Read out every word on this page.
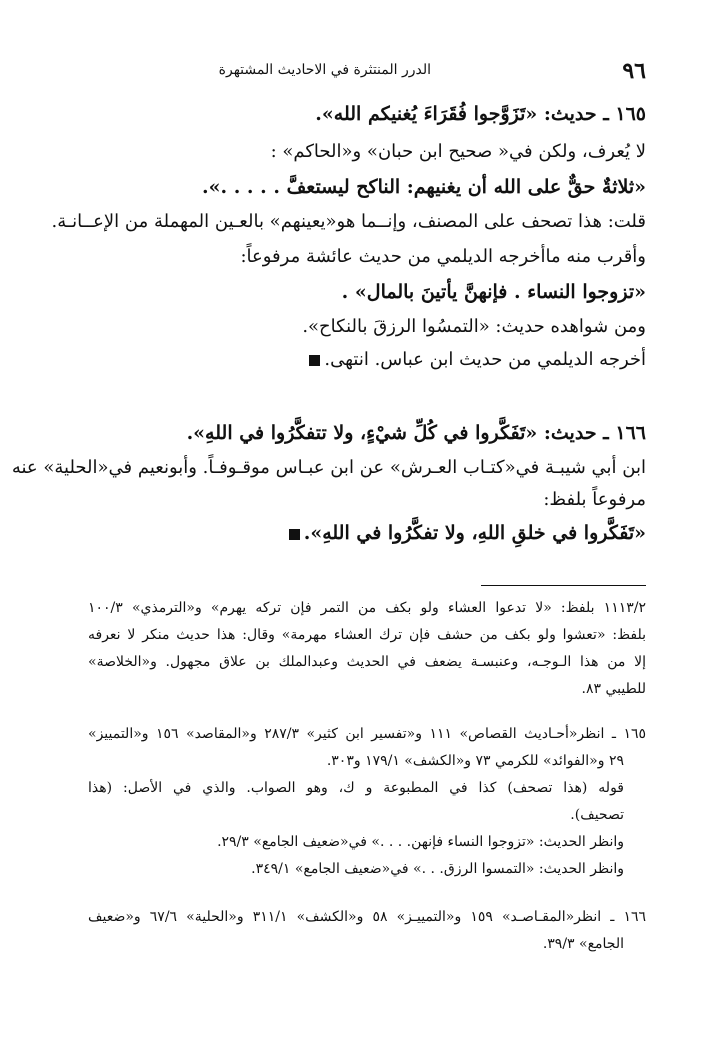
٩٦
الدرر المنتثرة في الاحاديث المشتهرة
١٦٥ ـ حديث: «تَزَوَّجوا فُقَرَاءَ يُغنيكم الله».
لا يُعرف، ولكن في« صحيح ابن حبان» و«الحاكم» :
«ثلاثةٌ حقٌّ على الله أن يغنيهم: الناكح ليستعفَّ . . . . .».
قلت: هذا تصحف على المصنف، وإنــما هو«يعينهم» بالعـين المهملة من الإعــانـة.
وأقرب منه ماأخرجه الديلمي من حديث عائشة مرفوعاً:
«تزوجوا النساء . فإنهنَّ يأتينَ بالمال» .
ومن شواهده حديث: «التمسُوا الرزقَ بالنكاح».
أخرجه الديلمي من حديث ابن عباس. انتهى.
١٦٦ ـ حديث: «تَفَكَّروا في كُلِّ شيْءٍ، ولا تتفكَّرُوا في اللهِ».
ابن أبي شيبـة في«كتـاب العـرش» عن ابن عبـاس موقـوفـاً. وأبونعيم في«الحلية» عنه
مرفوعاً بلفظ:
«تَفَكَّروا في خلقِ اللهِ، ولا تفكَّرُوا في اللهِ».
١١١٣/٢ بلفظ: «لا تدعوا العشاء ولو بكف من التمر فإن تركه يهرم» و«الترمذي» ١٠٠/٣
بلفظ: «تعشوا ولو بكف من حشف فإن ترك العشاء مهرمة» وقال: هذا حديث منكر لا نعرفه
إلا من هذا الـوجـه، وعنبسـة يضعف في الحديث وعبدالملك بن علاق مجهول. و«الخلاصة»
للطيبي ٨٣.
١٦٥ ـ انظر«أحـاديث القصاص» ١١١ و«تفسير ابن كثير» ٢٨٧/٣ و«المقاصد» ١٥٦ و«التمييز»
٢٩ و«الفوائد» للكرمي ٧٣ و«الكشف» ١٧٩/١ و٣٠٣.
قوله (هذا تصحف) كذا في المطبوعة و ك، وهو الصواب. والذي في الأصل: (هذا
تصحيف).
وانظر الحديث: «تزوجوا النساء فإنهن. . . .» في«ضعيف الجامع» ٢٩/٣.
وانظر الحديث: «التمسوا الرزق. . .» في«ضعيف الجامع» ٣٤٩/١.
١٦٦ ـ انظر«المقـاصـد» ١٥٩ و«التمييـز» ٥٨ و«الكشف» ٣١١/١ و«الحلية» ٦٧/٦ و«ضعيف
الجامع» ٣٩/٣.
